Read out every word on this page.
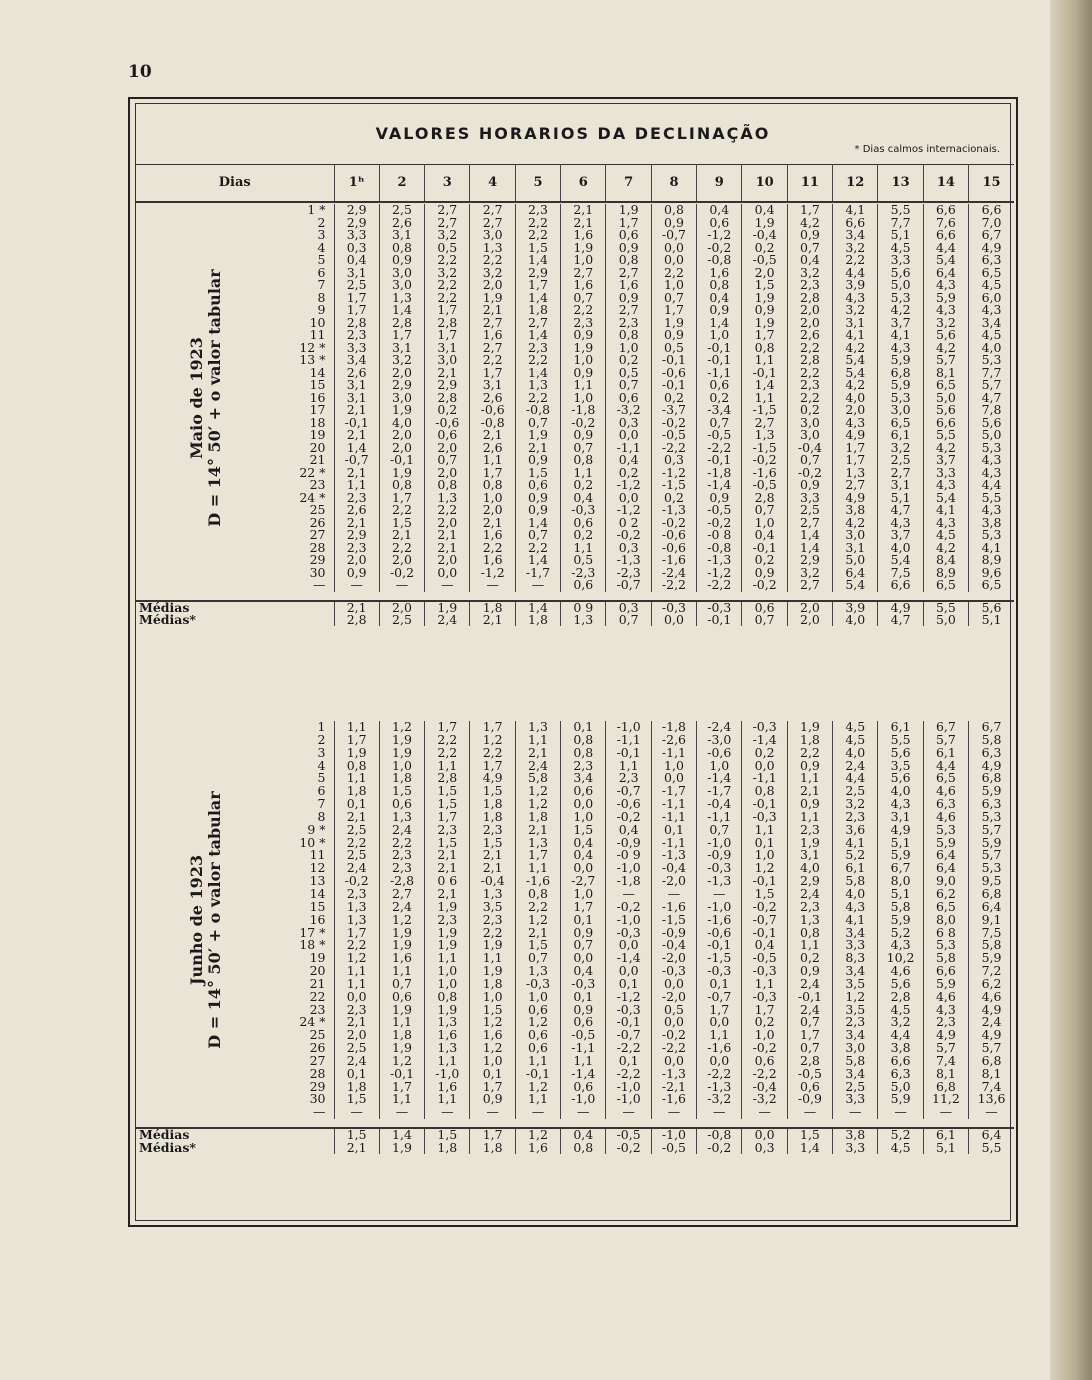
10
VALORES HORARIOS DA DECLINAÇÃO
* Dias calmos internacionais.
Dias	1ʰ	2	3	4	5	6	7	8	9	10	11	12	13	14	15
Maio de 1923 D = 14° 50′ + o valor tabular	1 *	2,9	2,5	2,7	2,7	2,3	2,1	1,9	0,8	0,4	0,4	1,7	4,1	5,5	6,6	6,6
	2	2,9	2,6	2,7	2,7	2,2	2,1	1,7	0,9	0,6	1,9	4,2	6,6	7,7	7,6	7,0
	3	3,3	3,1	3,2	3,0	2,2	1,6	0,6	-0,7	-1,2	-0,4	0,9	3,4	5,1	6,6	6,7
	4	0,3	0,8	0,5	1,3	1,5	1,9	0,9	0,0	-0,2	0,2	0,7	3,2	4,5	4,4	4,9
	5	0,4	0,9	2,2	2,2	1,4	1,0	0,8	0,0	-0,8	-0,5	0,4	2,2	3,3	5,4	6,3
	6	3,1	3,0	3,2	3,2	2,9	2,7	2,7	2,2	1,6	2,0	3,2	4,4	5,6	6,4	6,5
	7	2,5	3,0	2,2	2,0	1,7	1,6	1,6	1,0	0,8	1,5	2,3	3,9	5,0	4,3	4,5
	8	1,7	1,3	2,2	1,9	1,4	0,7	0,9	0,7	0,4	1,9	2,8	4,3	5,3	5,9	6,0
	9	1,7	1,4	1,7	2,1	1,8	2,2	2,7	1,7	0,9	0,9	2,0	3,2	4,2	4,3	4,3
	10	2,8	2,8	2,8	2,7	2,7	2,3	2,3	1,9	1,4	1,9	2,0	3,1	3,7	3,2	3,4
	11	2,3	1,7	1,7	1,6	1,4	0,9	0,8	0,9	1,0	1,7	2,6	4,1	4,1	5,6	4,5
	12 *	3,3	3,1	3,1	2,7	2,3	1,9	1,0	0,5	-0,1	0,8	2,2	4,2	4,3	4,2	4,0
	13 *	3,4	3,2	3,0	2,2	2,2	1,0	0,2	-0,1	-0,1	1,1	2,8	5,4	5,9	5,7	5,3
	14	2,6	2,0	2,1	1,7	1,4	0,9	0,5	-0,6	-1,1	-0,1	2,2	5,4	6,8	8,1	7,7
	15	3,1	2,9	2,9	3,1	1,3	1,1	0,7	-0,1	0,6	1,4	2,3	4,2	5,9	6,5	5,7
	16	3,1	3,0	2,8	2,6	2,2	1,0	0,6	0,2	0,2	1,1	2,2	4,0	5,3	5,0	4,7
	17	2,1	1,9	0,2	-0,6	-0,8	-1,8	-3,2	-3,7	-3,4	-1,5	0,2	2,0	3,0	5,6	7,8
	18	-0,1	4,0	-0,6	-0,8	0,7	-0,2	0,3	-0,2	0,7	2,7	3,0	4,3	6,5	6,6	5,6
	19	2,1	2,0	0,6	2,1	1,9	0,9	0,0	-0,5	-0,5	1,3	3,0	4,9	6,1	5,5	5,0
	20	1,4	2,0	2,0	2,6	2,1	0,7	-1,1	-2,2	-2,2	-1,5	-0,4	1,7	3,2	4,2	5,3
	21	-0,7	-0,1	0,7	1,1	0,9	0,8	0,4	0,3	-0,1	-0,2	0,7	1,7	2,5	3,7	4,3
	22 *	2,1	1,9	2,0	1,7	1,5	1,1	0,2	-1,2	-1,8	-1,6	-0,2	1,3	2,7	3,3	4,3
	23	1,1	0,8	0,8	0,8	0,6	0,2	-1,2	-1,5	-1,4	-0,5	0,9	2,7	3,1	4,3	4,4
	24 *	2,3	1,7	1,3	1,0	0,9	0,4	0,0	0,2	0,9	2,8	3,3	4,9	5,1	5,4	5,5
	25	2,6	2,2	2,2	2,0	0,9	-0,3	-1,2	-1,3	-0,5	0,7	2,5	3,8	4,7	4,1	4,3
	26	2,1	1,5	2,0	2,1	1,4	0,6	0 2	-0,2	-0,2	1,0	2,7	4,2	4,3	4,3	3,8
	27	2,9	2,1	2,1	1,6	0,7	0,2	-0,2	-0,6	-0 8	0,4	1,4	3,0	3,7	4,5	5,3
	28	2,3	2,2	2,1	2,2	2,2	1,1	0,3	-0,6	-0,8	-0,1	1,4	3,1	4,0	4,2	4,1
	29	2,0	2,0	2,0	1,6	1,4	0,5	-1,3	-1,6	-1,3	0,2	2,9	5,0	5,4	8,4	8,9
	30	0,9	-0,2	0,0	-1,2	-1,7	-2,3	-2,3	-2,4	-1,2	0,9	3,2	6,4	7,5	8,9	9,6
	—	—	—	—	—	—	0,6	-0,7	-2,2	-2,2	-0,2	2,7	5,4	6,6	6,5	6,5

Médias		2,1	2,0	1,9	1,8	1,4	0 9	0,3	-0,3	-0,3	0,6	2,0	3,9	4,9	5,5	5,6
Médias*		2,8	2,5	2,4	2,1	1,8	1,3	0,7	0,0	-0,1	0,7	2,0	4,0	4,7	5,0	5,1
Junho de 1923 D = 14° 50′ + o valor tabular	1	1,1	1,2	1,7	1,7	1,3	0,1	-1,0	-1,8	-2,4	-0,3	1,9	4,5	6,1	6,7	6,7
	2	1,7	1,9	2,2	1,2	1,1	0,8	-1,1	-2,6	-3,0	-1,4	1,8	4,5	5,5	5,7	5,8
	3	1,9	1,9	2,2	2,2	2,1	0,8	-0,1	-1,1	-0,6	0,2	2,2	4,0	5,6	6,1	6,3
	4	0,8	1,0	1,1	1,7	2,4	2,3	1,1	1,0	1,0	0,0	0,9	2,4	3,5	4,4	4,9
	5	1,1	1,8	2,8	4,9	5,8	3,4	2,3	0,0	-1,4	-1,1	1,1	4,4	5,6	6,5	6,8
	6	1,8	1,5	1,5	1,5	1,2	0,6	-0,7	-1,7	-1,7	0,8	2,1	2,5	4,0	4,6	5,9
	7	0,1	0,6	1,5	1,8	1,2	0,0	-0,6	-1,1	-0,4	-0,1	0,9	3,2	4,3	6,3	6,3
	8	2,1	1,3	1,7	1,8	1,8	1,0	-0,2	-1,1	-1,1	-0,3	1,1	2,3	3,1	4,6	5,3
	9 *	2,5	2,4	2,3	2,3	2,1	1,5	0,4	0,1	0,7	1,1	2,3	3,6	4,9	5,3	5,7
	10 *	2,2	2,2	1,5	1,5	1,3	0,4	-0,9	-1,1	-1,0	0,1	1,9	4,1	5,1	5,9	5,9
	11	2,5	2,3	2,1	2,1	1,7	0,4	-0 9	-1,3	-0,9	1,0	3,1	5,2	5,9	6,4	5,7
	12	2,4	2,3	2,1	2,1	1,1	0,0	-1,0	-0,4	-0,3	1,2	4,0	6,1	6,7	6,4	5,3
	13	-0,2	-2,8	0 6	-0,4	-1,6	-2,7	-1,8	-2,0	-1,3	-0,1	2,9	5,8	8,0	9,0	9,5
	14	2,3	2,7	2,1	1,3	0,8	1,0	—	—	—	1,5	2,4	4,0	5,1	6,2	6,8
	15	1,3	2,4	1,9	3,5	2,2	1,7	-0,2	-1,6	-1,0	-0,2	2,3	4,3	5,8	6,5	6,4
	16	1,3	1,2	2,3	2,3	1,2	0,1	-1,0	-1,5	-1,6	-0,7	1,3	4,1	5,9	8,0	9,1
	17 *	1,7	1,9	1,9	2,2	2,1	0,9	-0,3	-0,9	-0,6	-0,1	0,8	3,4	5,2	6 8	7,5
	18 *	2,2	1,9	1,9	1,9	1,5	0,7	0,0	-0,4	-0,1	0,4	1,1	3,3	4,3	5,3	5,8
	19	1,2	1,6	1,1	1,1	0,7	0,0	-1,4	-2,0	-1,5	-0,5	0,2	8,3	10,2	5,8	5,9
	20	1,1	1,1	1,0	1,9	1,3	0,4	0,0	-0,3	-0,3	-0,3	0,9	3,4	4,6	6,6	7,2
	21	1,1	0,7	1,0	1,8	-0,3	-0,3	0,1	0,0	0,1	1,1	2,4	3,5	5,6	5,9	6,2
	22	0,0	0,6	0,8	1,0	1,0	0,1	-1,2	-2,0	-0,7	-0,3	-0,1	1,2	2,8	4,6	4,6
	23	2,3	1,9	1,9	1,5	0,6	0,9	-0,3	0,5	1,7	1,7	2,4	3,5	4,5	4,3	4,9
	24 *	2,1	1,1	1,3	1,2	1,2	0,6	-0,1	0,0	0,0	0,2	0,7	2,3	3,2	2,3	2,4
	25	2,0	1,8	1,6	1,6	0,6	-0,5	-0,7	-0,2	1,1	1,0	1,7	3,4	4,4	4,9	4,9
	26	2,5	1,9	1,3	1,2	0,6	-1,1	-2,2	-2,2	-1,6	-0,2	0,7	3,0	3,8	5,7	5,7
	27	2,4	1,2	1,1	1,0	1,1	1,1	0,1	0,0	0,0	0,6	2,8	5,8	6,6	7,4	6,8
	28	0,1	-0,1	-1,0	0,1	-0,1	-1,4	-2,2	-1,3	-2,2	-2,2	-0,5	3,4	6,3	8,1	8,1
	29	1,8	1,7	1,6	1,7	1,2	0,6	-1,0	-2,1	-1,3	-0,4	0,6	2,5	5,0	6,8	7,4
	30	1,5	1,1	1,1	0,9	1,1	-1,0	-1,0	-1,6	-3,2	-3,2	-0,9	3,3	5,9	11,2	13,6
	—	—	—	—	—	—	—	—	—	—	—	—	—	—	—	—

Médias		1,5	1,4	1,5	1,7	1,2	0,4	-0,5	-1,0	-0,8	0,0	1,5	3,8	5,2	6,1	6,4
Médias*		2,1	1,9	1,8	1,8	1,6	0,8	-0,2	-0,5	-0,2	0,3	1,4	3,3	4,5	5,1	5,5
